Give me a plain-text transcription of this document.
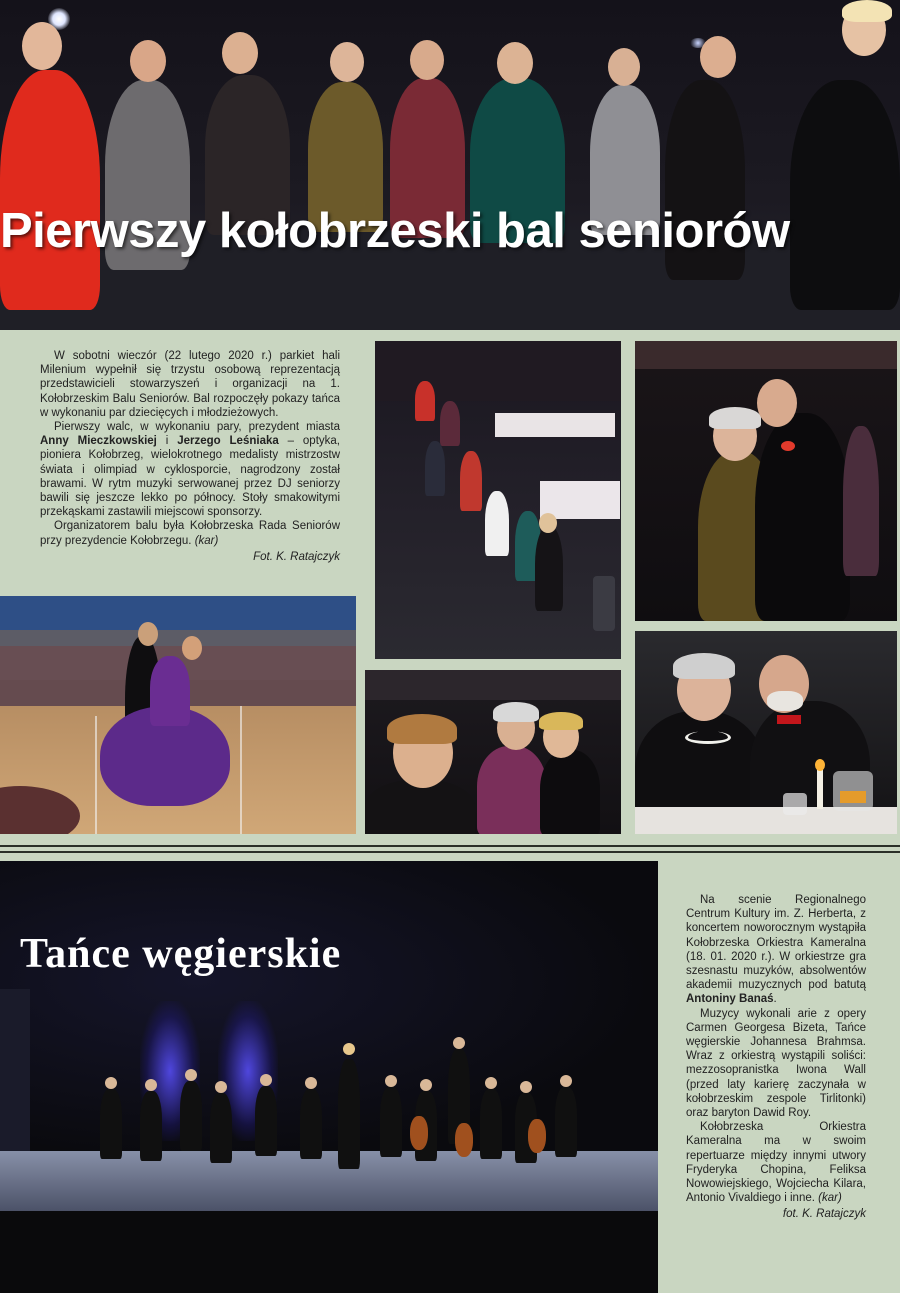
Pierwszy kołobrzeski bal seniorów

W sobotni wieczór (22 lutego 2020 r.) parkiet hali Milenium wypełnił się trzystu osobową reprezentacją przedstawicieli stowarzyszeń i organizacji na 1. Kołobrzeskim Balu Seniorów. Bal rozpoczęły pokazy tańca w wykonaniu par dziecięcych i młodzieżowych.

Pierwszy walc, w wykonaniu pary, prezydent miasta Anny Mieczkowskiej i Jerzego Leśniaka – optyka, pioniera Kołobrzeg, wielokrotnego medalisty mistrzostw świata i olimpiad w cyklosporcie, nagrodzony został brawami. W rytm muzyki serwowanej przez DJ seniorzy bawili się jeszcze lekko po północy. Stoły smakowitymi przekąskami zastawili miejscowi sponsorzy.

Organizatorem balu była Kołobrzeska Rada Seniorów przy prezydencie Kołobrzegu. (kar)

Fot. K. Ratajczyk
Tańce węgierskie

Na scenie Regionalnego Centrum Kultury im. Z. Herberta, z koncertem noworocznym wystąpiła Kołobrzeska Orkiestra Kameralna (18. 01. 2020 r.). W orkiestrze gra szesnastu muzyków, absolwentów akademii muzycznych pod batutą Antoniny Banaś.

Muzycy wykonali arie z opery Carmen Georgesa Bizeta, Tańce węgierskie Johannesa Brahmsa. Wraz z orkiestrą wystąpili soliści: mezzosopranistka Iwona Wall (przed laty karierę zaczynała w kołobrzeskim zespole Tirlitonki) oraz baryton Dawid Roy.

Kołobrzeska Orkiestra Kameralna ma w swoim repertuarze między innymi utwory Fryderyka Chopina, Feliksa Nowowiejskiego, Wojciecha Kilara, Antonio Vivaldiego i inne. (kar)

fot. K. Ratajczyk
